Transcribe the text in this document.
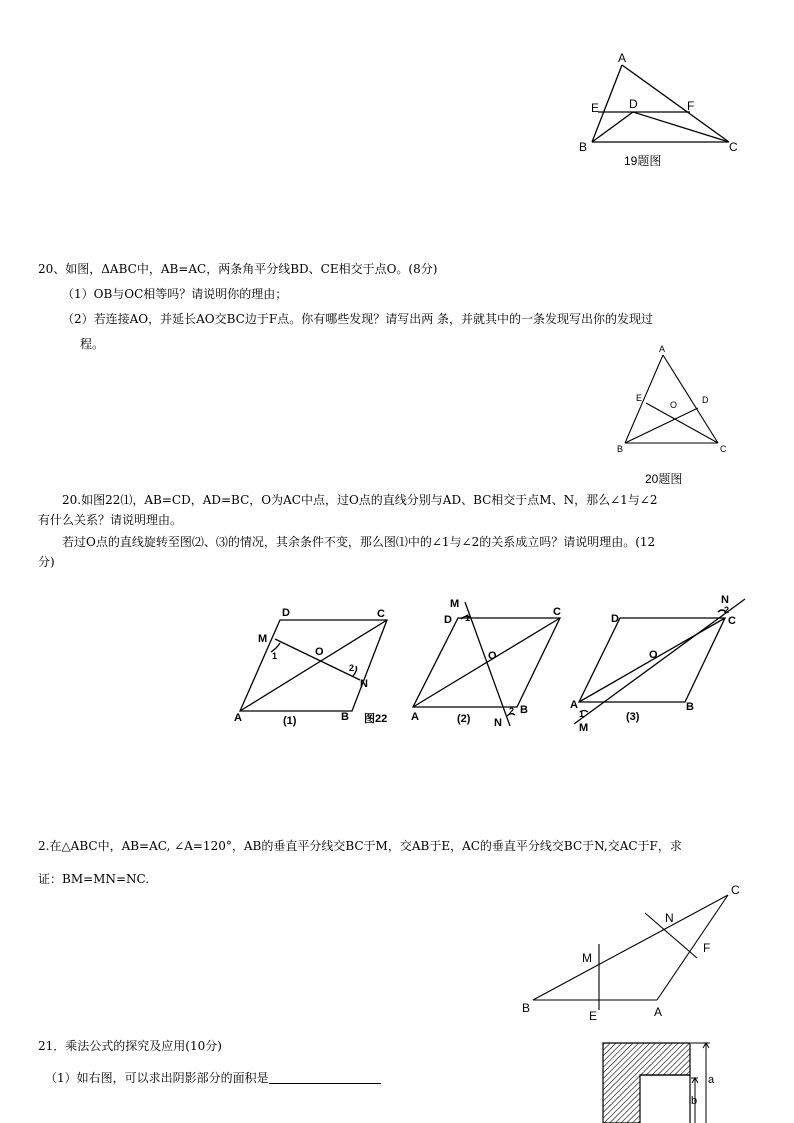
A
E D	F
B	C
19题图
20、如图，ΔABC中，AB=AC，两条角平分线BD、CE相交于点O。(8分)
（1）OB与OC相等吗？请说明你的理由；
（2）若连接AO，并延长AO交BC边于F点。你有哪些发现？请写出两 条，并就其中的一条发现写出你的发现过
程。	A
E
O	D
B	C
20题图
20.如图22⑴，AB=CD，AD=BC，O为AC中点，过O点的直线分别与AD、BC相交于点M、N，那么∠1与∠2
有什么关系？请说明理由。
若过O点的直线旋转至图⑵、⑶的情况，其余条件不变，那么图⑴中的∠1与∠2的关系成立吗？请说明理由。(12
分)
D	C
M
O
N
A	B
1
2
(1)	图22
M
D 1	C
O
A	(2) N
2 B
N
2
C
D
O
A
1
M
(3)
B
2.在△ABC中，AB=AC, ∠A=120°，AB的垂直平分线交BC于M，交AB于E，AC的垂直平分线交BC于N,交AC于F，求
证：BM=MN=NC.
C
N
F
M
B
E	A
21．乘法公式的探究及应用(10分)
（1）如右图，可以求出阴影部分的面积是	a
b
